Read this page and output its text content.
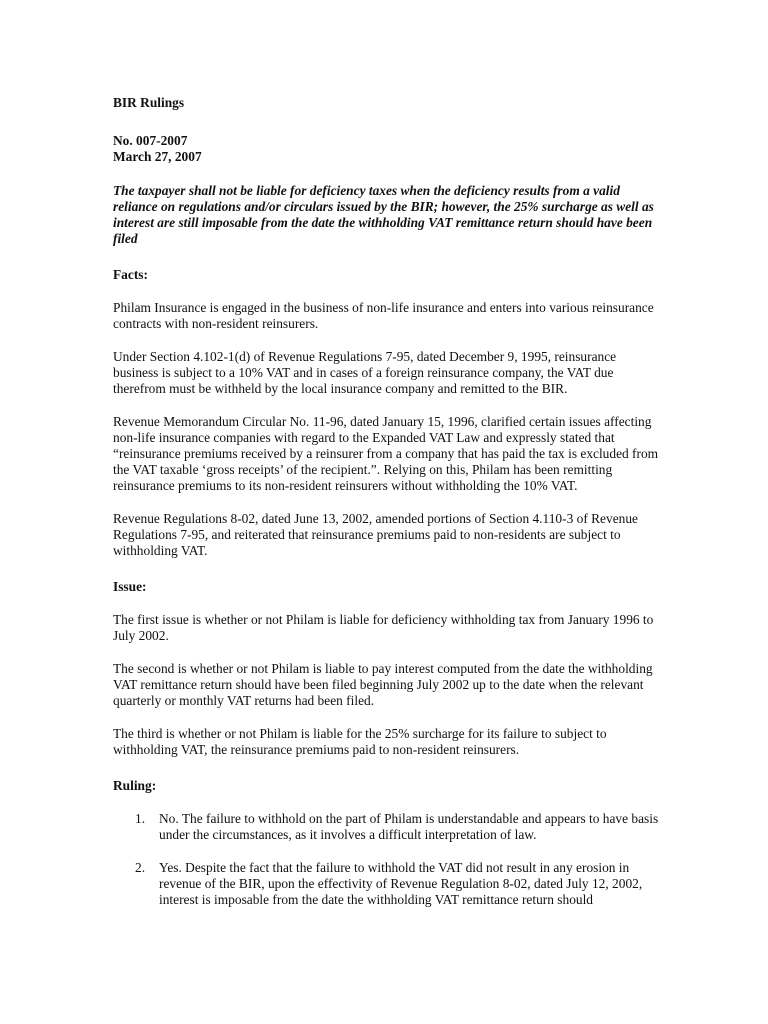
BIR Rulings
No. 007-2007
March 27, 2007
The taxpayer shall not be liable for deficiency taxes when the deficiency results from a valid reliance on regulations and/or circulars issued by the BIR; however, the 25% surcharge as well as interest are still imposable from the date the withholding VAT remittance return should have been filed
Facts:
Philam Insurance is engaged in the business of non-life insurance and enters into various reinsurance contracts with non-resident reinsurers.
Under Section 4.102-1(d) of Revenue Regulations 7-95, dated December 9, 1995, reinsurance business is subject to a 10% VAT and in cases of a foreign reinsurance company, the VAT due therefrom must be withheld by the local insurance company and remitted to the BIR.
Revenue Memorandum Circular No. 11-96, dated January 15, 1996, clarified certain issues affecting non-life insurance companies with regard to the Expanded VAT Law and expressly stated that “reinsurance premiums received by a reinsurer from a company that has paid the tax is excluded from the VAT taxable ‘gross receipts’ of the recipient.”. Relying on this, Philam has been remitting reinsurance premiums to its non-resident reinsurers without withholding the 10% VAT.
Revenue Regulations 8-02, dated June 13, 2002, amended portions of Section 4.110-3 of Revenue Regulations 7-95, and reiterated that reinsurance premiums paid to non-residents are subject to withholding VAT.
Issue:
The first issue is whether or not Philam is liable for deficiency withholding tax from January 1996 to July 2002.
The second is whether or not Philam is liable to pay interest computed from the date the withholding VAT remittance return should have been filed beginning July 2002 up to the date when the relevant quarterly or monthly VAT returns had been filed.
The third is whether or not Philam is liable for the 25% surcharge for its failure to subject to withholding VAT, the reinsurance premiums paid to non-resident reinsurers.
Ruling:
1.	No. The failure to withhold on the part of Philam is understandable and appears to have basis under the circumstances, as it involves a difficult interpretation of law.
2.	Yes. Despite the fact that the failure to withhold the VAT did not result in any erosion in revenue of the BIR, upon the effectivity of Revenue Regulation 8-02, dated July 12, 2002, interest is imposable from the date the withholding VAT remittance return should
